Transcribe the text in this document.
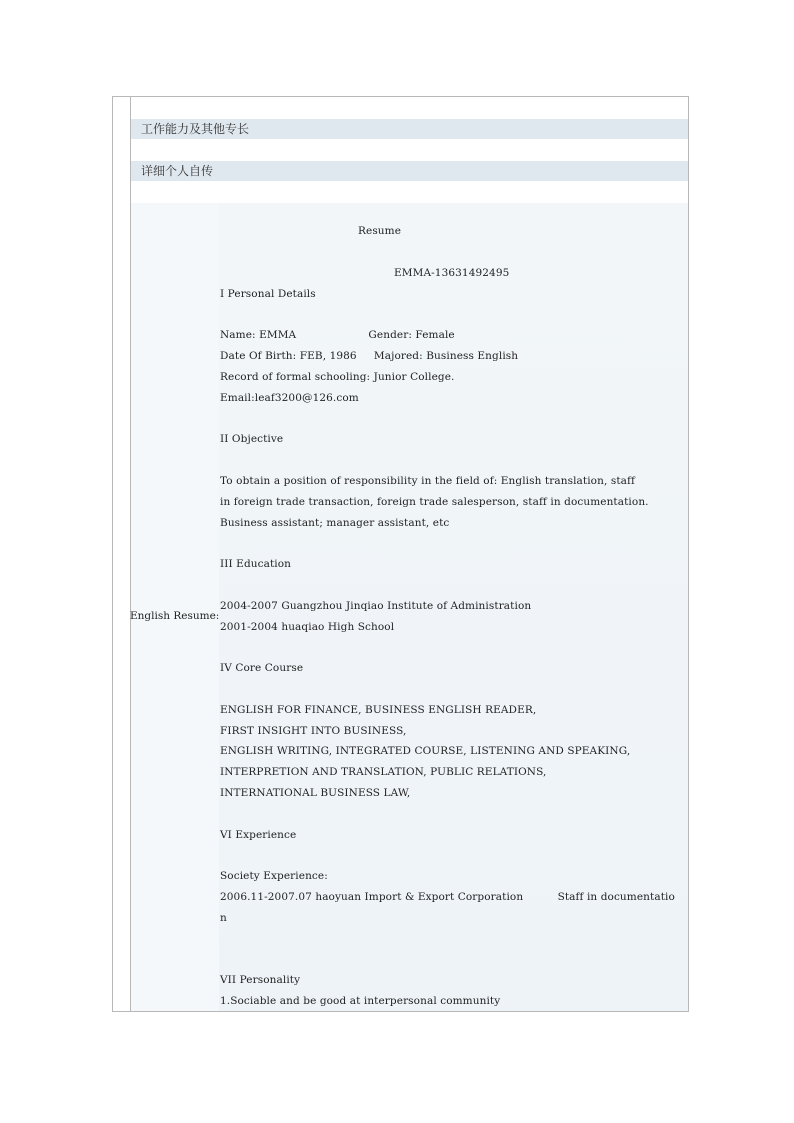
工作能力及其他专长
详细个人自传
English Resume:
Resume
EMMA-13631492495
I Personal Details
Name: EMMA                     Gender: Female
Date Of Birth: FEB, 1986     Majored: Business English
Record of formal schooling: Junior College.
Email:leaf3200@126.com
II Objective
To obtain a position of responsibility in the field of: English translation, staff
in foreign trade transaction, foreign trade salesperson, staff in documentation.
Business assistant; manager assistant, etc
III Education
2004-2007 Guangzhou Jinqiao Institute of Administration
2001-2004 huaqiao High School
IV Core Course
ENGLISH FOR FINANCE, BUSINESS ENGLISH READER,
FIRST INSIGHT INTO BUSINESS,
ENGLISH WRITING, INTEGRATED COURSE, LISTENING AND SPEAKING,
INTERPRETION AND TRANSLATION, PUBLIC RELATIONS,
INTERNATIONAL BUSINESS LAW,
VI Experience
Society Experience:
2006.11-2007.07 haoyuan Import & Export Corporation          Staff in documentatio
n
VII Personality
1.Sociable and be good at interpersonal community
